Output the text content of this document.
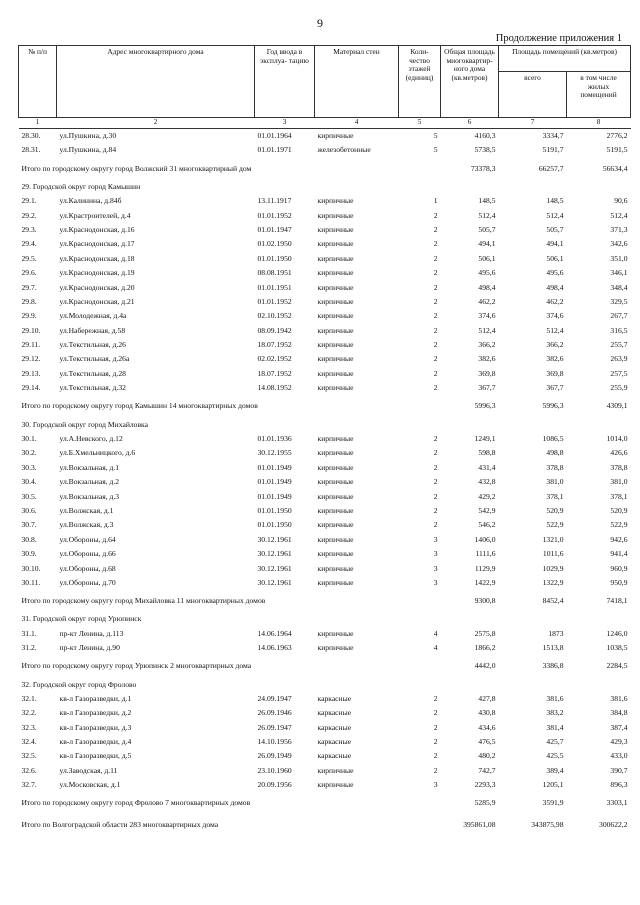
9
Продолжение приложения 1
№ п/п	Адрес многоквартирного дома	Год ввода в эксплуа- тацию	Материал стен	Коли- чество этажей (единиц)	Общая площадь многоквартир- ного дома (кв.метров)	Площадь помещений (кв.метров)	
						всего	в том числе жилых помещений
1	2	3	4	5	6	7	8
28.30.	ул.Пушкина, д.30	01.01.1964	кирпичные	5	4160,3	3334,7	2776,2
28.31.	ул.Пушкина, д.84	01.01.1971	железобетонные	5	5738,5	5191,7	5191,5
Итого по городскому округу город Волжский 31 многоквартирный дом					73378,3	66257,7	56634,4
29. Городской округ город Камышин							
29.1.	ул.Калинина, д.84б	13.11.1917	кирпичные	1	148,5	148,5	90,6
29.2.	ул.Крастроителей, д.4	01.01.1952	кирпичные	2	512,4	512,4	512,4
29.3.	ул.Краснодонская, д.16	01.01.1947	кирпичные	2	505,7	505,7	371,3
29.4.	ул.Краснодонская, д.17	01.02.1950	кирпичные	2	494,1	494,1	342,6
29.5.	ул.Краснодонская, д.18	01.01.1950	кирпичные	2	506,1	506,1	351,0
29.6.	ул.Краснодонская, д.19	08.08.1951	кирпичные	2	495,6	495,6	346,1
29.7.	ул.Краснодонская, д.20	01.01.1951	кирпичные	2	498,4	498,4	348,4
29.8.	ул.Краснодонская, д.21	01.01.1952	кирпичные	2	462,2	462,2	329,5
29.9.	ул.Молодежная, д.4а	02.10.1952	кирпичные	2	374,6	374,6	267,7
29.10.	ул.Набережная, д.58	08.09.1942	кирпичные	2	512,4	512,4	316,5
29.11.	ул.Текстильная, д.26	18.07.1952	кирпичные	2	366,2	366,2	255,7
29.12.	ул.Текстильная, д.26а	02.02.1952	кирпичные	2	382,6	382,6	263,9
29.13.	ул.Текстильная, д.28	18.07.1952	кирпичные	2	369,8	369,8	257,5
29.14.	ул.Текстильная, д.32	14.08.1952	кирпичные	2	367,7	367,7	255,9
Итого по городскому округу город Камышин 14 многоквартирных домов					5996,3	5996,3	4309,1
30. Городской округ город Михайловка							
30.1.	ул.А.Невского, д.12	01.01.1936	кирпичные	2	1249,1	1086,5	1014,0
30.2.	ул.Б.Хмельницкого, д.6	30.12.1955	кирпичные	2	598,8	498,8	426,6
30.3.	ул.Вокзальная, д.1	01.01.1949	кирпичные	2	431,4	378,8	378,8
30.4.	ул.Вокзальная, д.2	01.01.1949	кирпичные	2	432,8	381,0	381,0
30.5.	ул.Вокзальная, д.3	01.01.1949	кирпичные	2	429,2	378,1	378,1
30.6.	ул.Волжская, д.1	01.01.1950	кирпичные	2	542,9	520,9	520,9
30.7.	ул.Волжская, д.3	01.01.1950	кирпичные	2	546,2	522,9	522,9
30.8.	ул.Обороны, д.64	30.12.1961	кирпичные	3	1406,0	1321,0	942,6
30.9.	ул.Обороны, д.66	30.12.1961	кирпичные	3	1111,6	1011,6	941,4
30.10.	ул.Обороны, д.68	30.12.1961	кирпичные	3	1129,9	1029,9	960,9
30.11.	ул.Обороны, д.70	30.12.1961	кирпичные	3	1422,9	1322,9	950,9
Итого по городскому округу город Михайловка 11 многоквартирных домов					9300,8	8452,4	7418,1
31. Городской округ город Урюпинск							
31.1.	пр-кт Ленина, д.113	14.06.1964	кирпичные	4	2575,8	1873	1246,0
31.2.	пр-кт Ленина, д.90	14.06.1963	кирпичные	4	1866,2	1513,8	1038,5
Итого по городскому округу город Урюпинск 2 многоквартирных дома					4442,0	3386,8	2284,5
32. Городской округ город Фролово							
32.1.	кв-л Газоразведки, д.1	24.09.1947	каркасные	2	427,8	381,6	381,6
32.2.	кв-л Газоразведки, д.2	26.09.1946	каркасные	2	430,8	383,2	384,8
32.3.	кв-л Газоразведки, д.3	26.09.1947	каркасные	2	434,6	381,4	387,4
32.4.	кв-л Газоразведки, д.4	14.10.1956	каркасные	2	476,5	425,7	429,3
32.5.	кв-л Газоразведки, д.5	26.09.1949	каркасные	2	480,2	425,5	433,0
32.6.	ул.Заводская, д.11	23.10.1960	кирпичные	2	742,7	389,4	390,7
32.7.	ул.Московская, д.1	20.09.1956	кирпичные	3	2293,3	1205,1	896,3
Итого по городскому округу город Фролово 7 многоквартирных домов					5285,9	3591,9	3303,1
Итого по Волгоградской области 283 многоквартирных дома					395861,08	343875,98	300622,2
